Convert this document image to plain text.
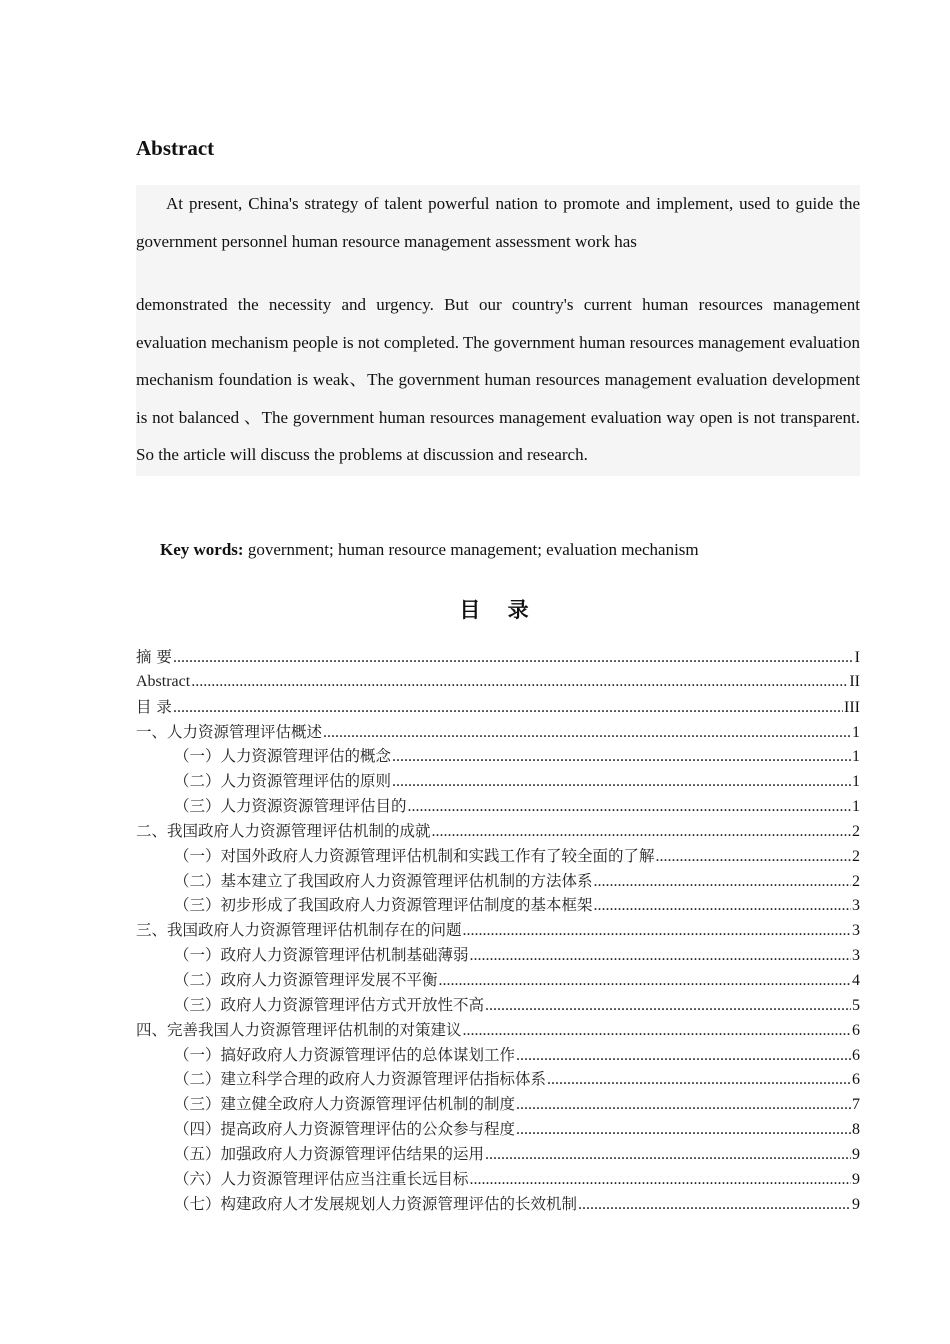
Abstract

At present, China's strategy of talent powerful nation to promote and implement, used to guide the government personnel human resource management assessment work has
demonstrated the necessity and urgency. But our country's current human resources management evaluation mechanism people is not completed. The government human resources management evaluation mechanism foundation is weak、The government human resources management evaluation development is not balanced 、The government human resources management evaluation way open is not transparent. So the article will discuss the problems at discussion and research.

Key words: government; human resource management; evaluation mechanism

目 录
摘 要 .....	I
Abstract .....	II
目 录 .....	III
一、人力资源管理评估概述 .....	1
（一）人力资源管理评估的概念 .....	1
（二）人力资源管理评估的原则 .....	1
（三）人力资源资源管理评估目的 .....	1
二、我国政府人力资源管理评估机制的成就 .....	2
（一）对国外政府人力资源管理评估机制和实践工作有了较全面的了解 .....	2
（二）基本建立了我国政府人力资源管理评估机制的方法体系 .....	2
（三）初步形成了我国政府人力资源管理评估制度的基本框架 .....	3
三、我国政府人力资源管理评估机制存在的问题 .....	3
（一）政府人力资源管理评估机制基础薄弱 .....	3
（二）政府人力资源管理评发展不平衡 .....	4
（三）政府人力资源管理评估方式开放性不高 .....	5
四、完善我国人力资源管理评估机制的对策建议 .....	6
（一）搞好政府人力资源管理评估的总体谋划工作 .....	6
（二）建立科学合理的政府人力资源管理评估指标体系 .....	6
（三）建立健全政府人力资源管理评估机制的制度 .....	7
（四）提高政府人力资源管理评估的公众参与程度 .....	8
（五）加强政府人力资源管理评估结果的运用 .....	9
（六）人力资源管理评估应当注重长远目标 .....	9
（七）构建政府人才发展规划人力资源管理评估的长效机制 .....	9
